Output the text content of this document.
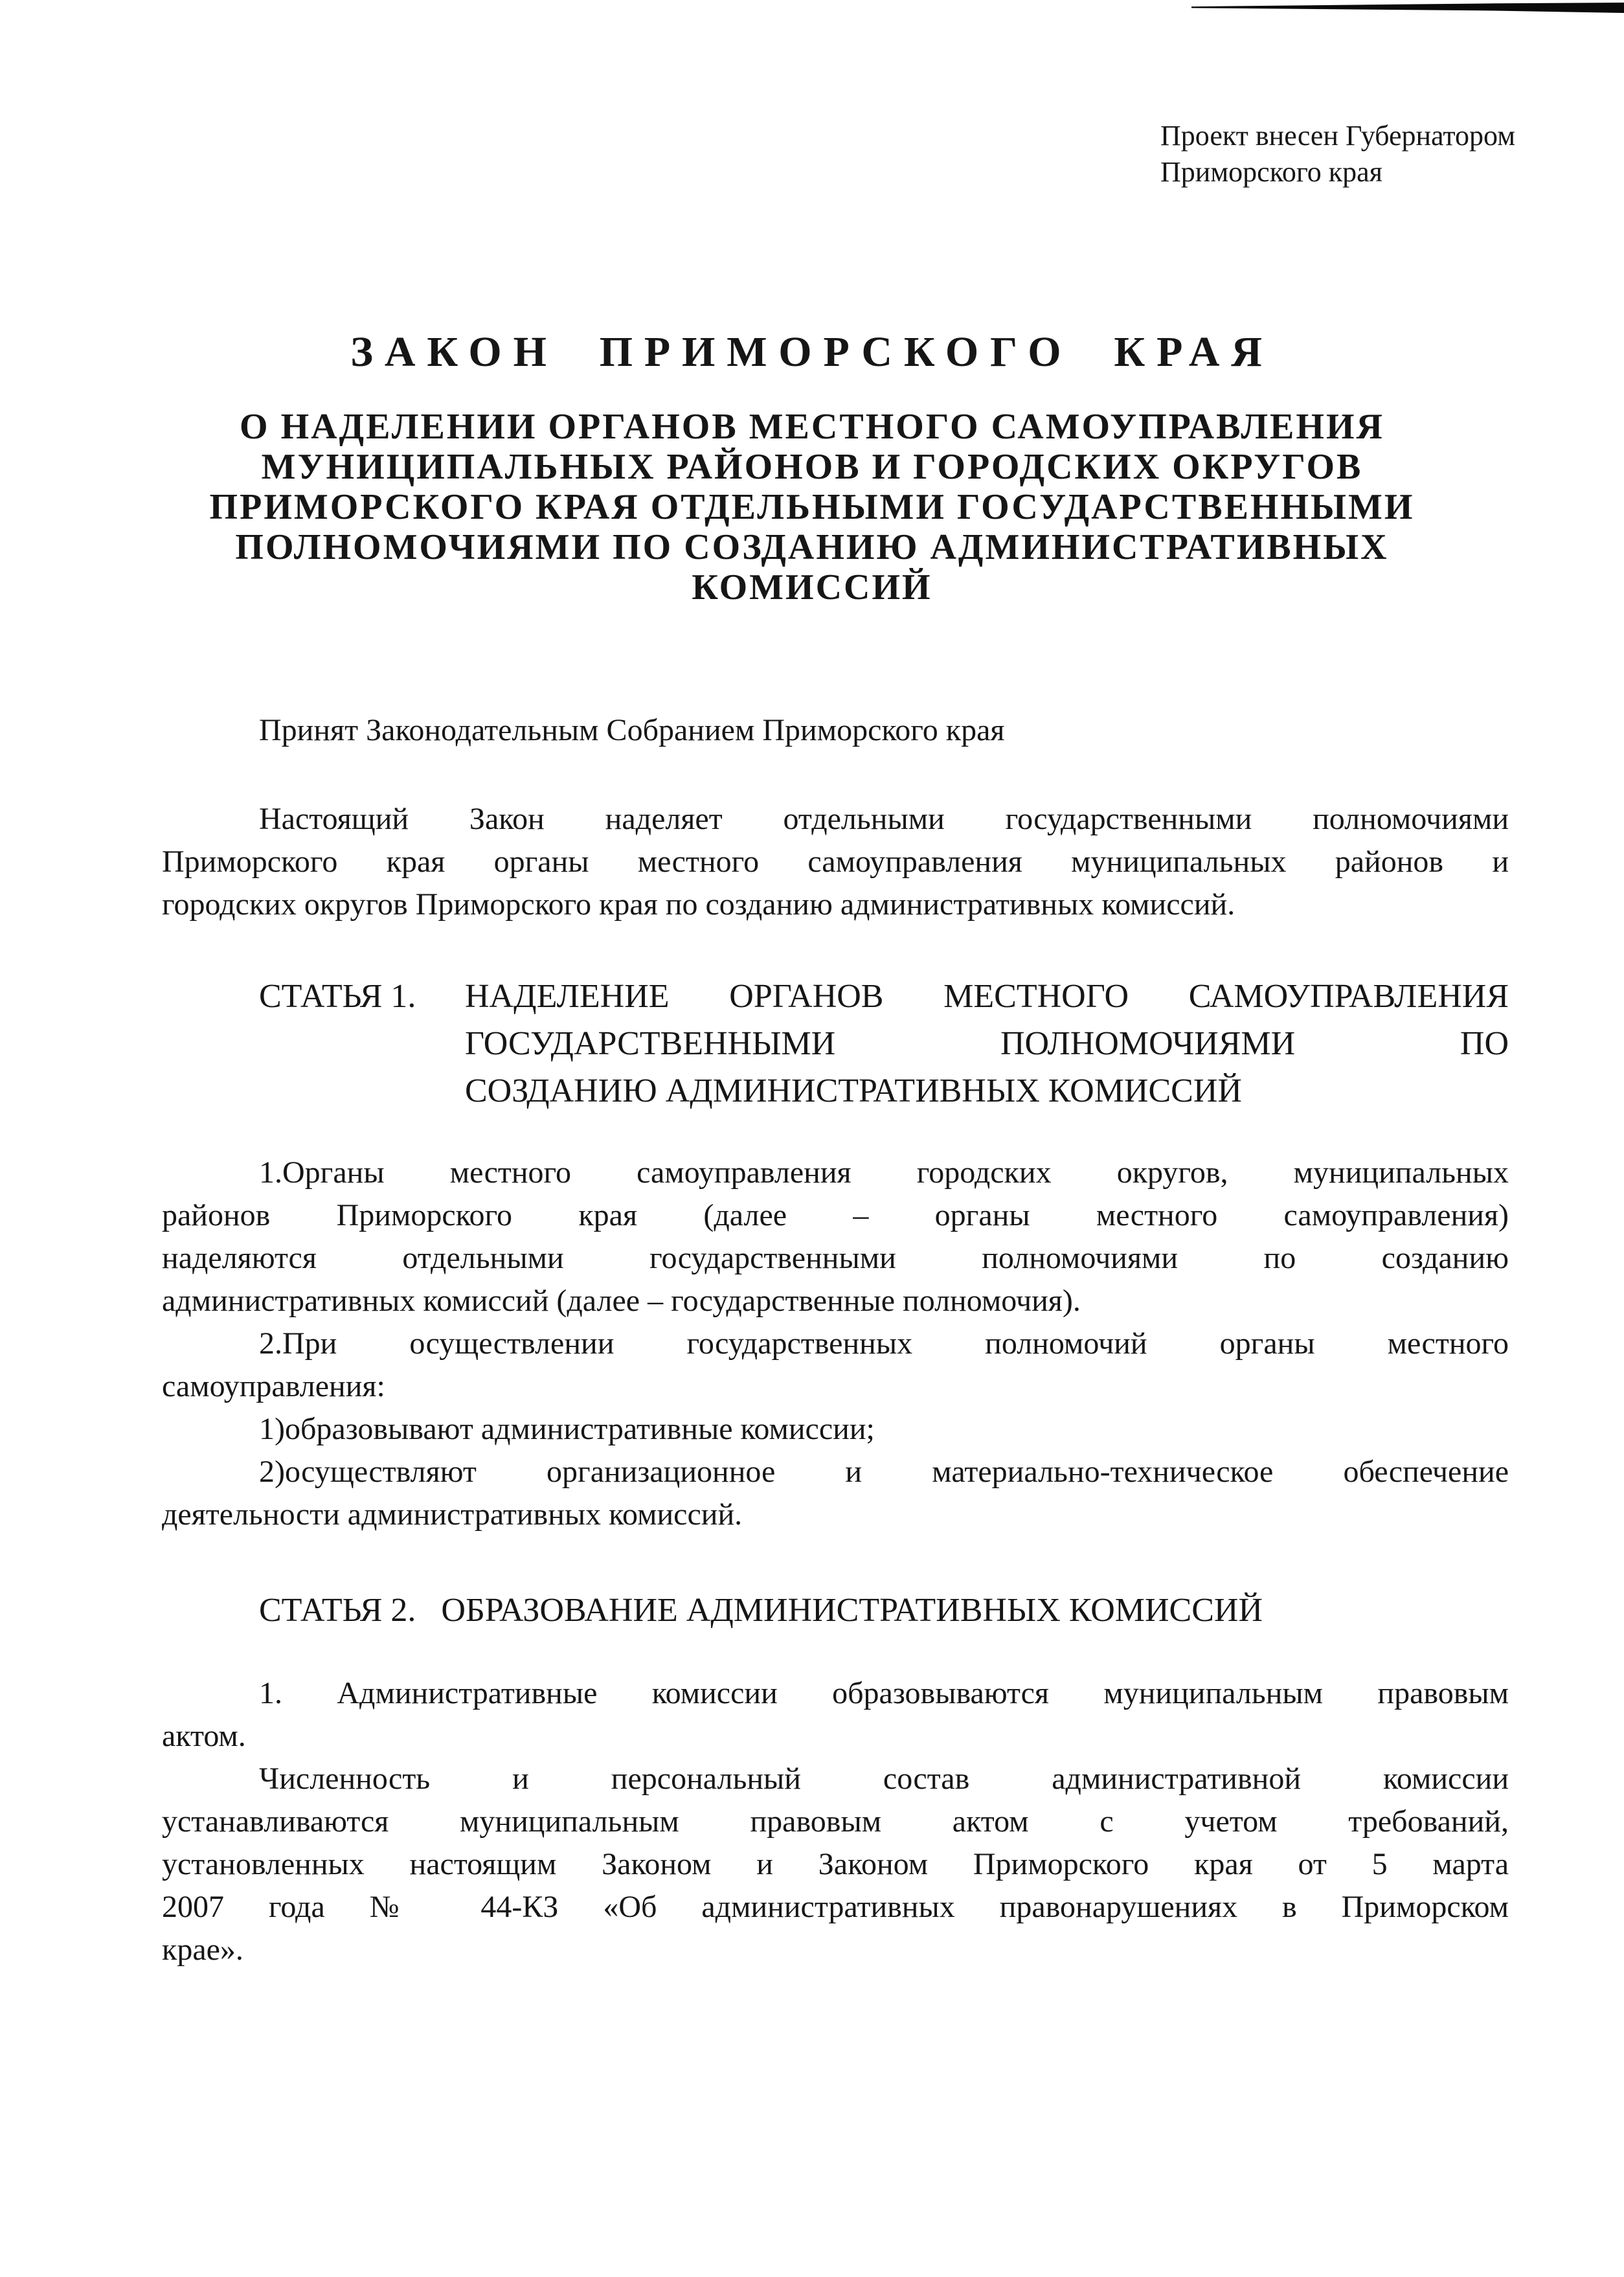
Проект внесен Губернатором
Приморского края
ЗАКОН ПРИМОРСКОГО КРАЯ
О НАДЕЛЕНИИ ОРГАНОВ МЕСТНОГО САМОУПРАВЛЕНИЯ
МУНИЦИПАЛЬНЫХ РАЙОНОВ И ГОРОДСКИХ ОКРУГОВ
ПРИМОРСКОГО КРАЯ ОТДЕЛЬНЫМИ ГОСУДАРСТВЕННЫМИ
ПОЛНОМОЧИЯМИ ПО СОЗДАНИЮ АДМИНИСТРАТИВНЫХ
КОМИССИЙ
Принят Законодательным Собранием Приморского края
Настоящий Закон наделяет отдельными государственными полномочиями
Приморского края органы местного самоуправления муниципальных районов и
городских округов Приморского края по созданию административных комиссий.
СТАТЬЯ 1.	НАДЕЛЕНИЕ ОРГАНОВ МЕСТНОГО САМОУПРАВЛЕНИЯ
ГОСУДАРСТВЕННЫМИ ПОЛНОМОЧИЯМИ ПО
СОЗДАНИЮ АДМИНИСТРАТИВНЫХ КОМИССИЙ
1.Органы местного самоуправления городских округов, муниципальных
районов Приморского края (далее – органы местного самоуправления)
наделяются отдельными государственными полномочиями по созданию
административных комиссий (далее – государственные полномочия).
2.При осуществлении государственных полномочий органы местного
самоуправления:
1)образовывают административные комиссии;
2)осуществляют организационное и материально-техническое обеспечение
деятельности административных комиссий.
СТАТЬЯ 2. ОБРАЗОВАНИЕ АДМИНИСТРАТИВНЫХ КОМИССИЙ
1. Административные комиссии образовываются муниципальным правовым
актом.
Численность и персональный состав административной комиссии
устанавливаются муниципальным правовым актом с учетом требований,
установленных настоящим Законом и Законом Приморского края от 5 марта
2007 года № 44-КЗ «Об административных правонарушениях в Приморском
крае».
